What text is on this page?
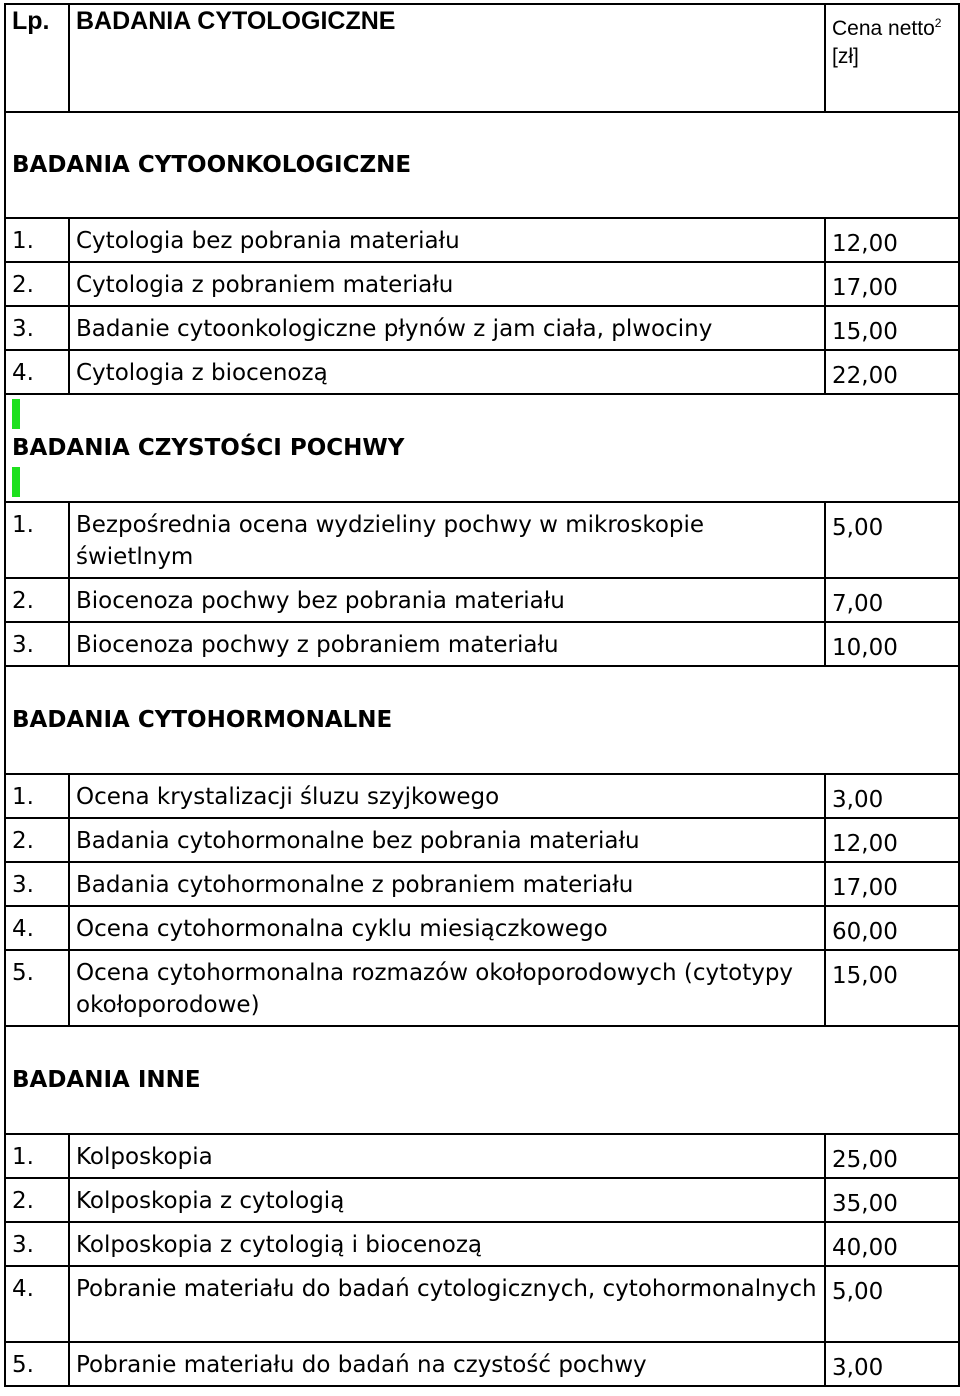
Lp.	BADANIA CYTOLOGICZNE	Cena netto$^2$
[zł]
BADANIA CYTOONKOLOGICZNE		
1.	Cytologia bez pobrania materiału	12,00
2.	Cytologia z pobraniem materiału	17,00
3.	Badanie cytoonkologiczne płynów z jam ciała, plwociny	15,00
4.	Cytologia z biocenozą	22,00

BADANIA CZYSTOŚCI POCHWY		

1.	Bezpośrednia ocena wydzieliny pochwy w mikroskopie świetlnym	5,00
2.	Biocenoza pochwy bez pobrania materiału	7,00
3.	Biocenoza pochwy z pobraniem materiału	10,00
BADANIA CYTOHORMONALNE		
1.	Ocena krystalizacji śluzu szyjkowego	3,00
2.	Badania cytohormonalne bez pobrania materiału	12,00
3.	Badania cytohormonalne z pobraniem materiału	17,00
4.	Ocena cytohormonalna cyklu miesiączkowego	60,00
5.	Ocena cytohormonalna rozmazów okołoporodowych (cytotypy okołoporodowe)	15,00
BADANIA INNE		
1.	Kolposkopia	25,00
2.	Kolposkopia z cytologią	35,00
3.	Kolposkopia z cytologią i biocenozą	40,00
4.	Pobranie materiału do badań cytologicznych, cytohormonalnych	5,00
5.	Pobranie materiału do badań na czystość pochwy	3,00
